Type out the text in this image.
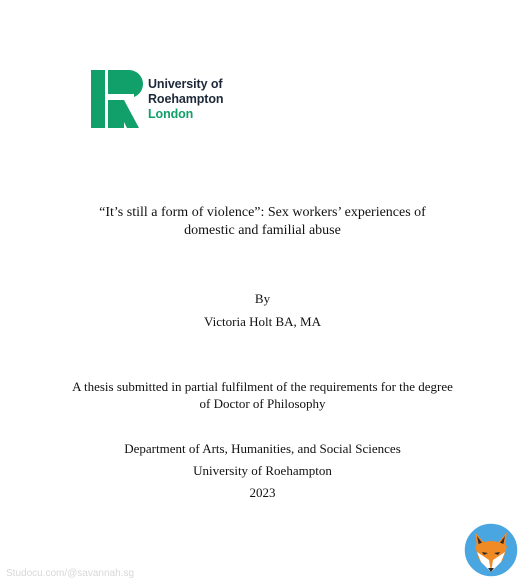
University of
Roehampton
London
“It’s still a form of violence”: Sex workers’ experiences of
domestic and familial abuse
By
Victoria Holt BA, MA
A thesis submitted in partial fulfilment of the requirements for the degree
of Doctor of Philosophy
Department of Arts, Humanities, and Social Sciences
University of Roehampton
2023
Studocu.com/@savannah.sg
